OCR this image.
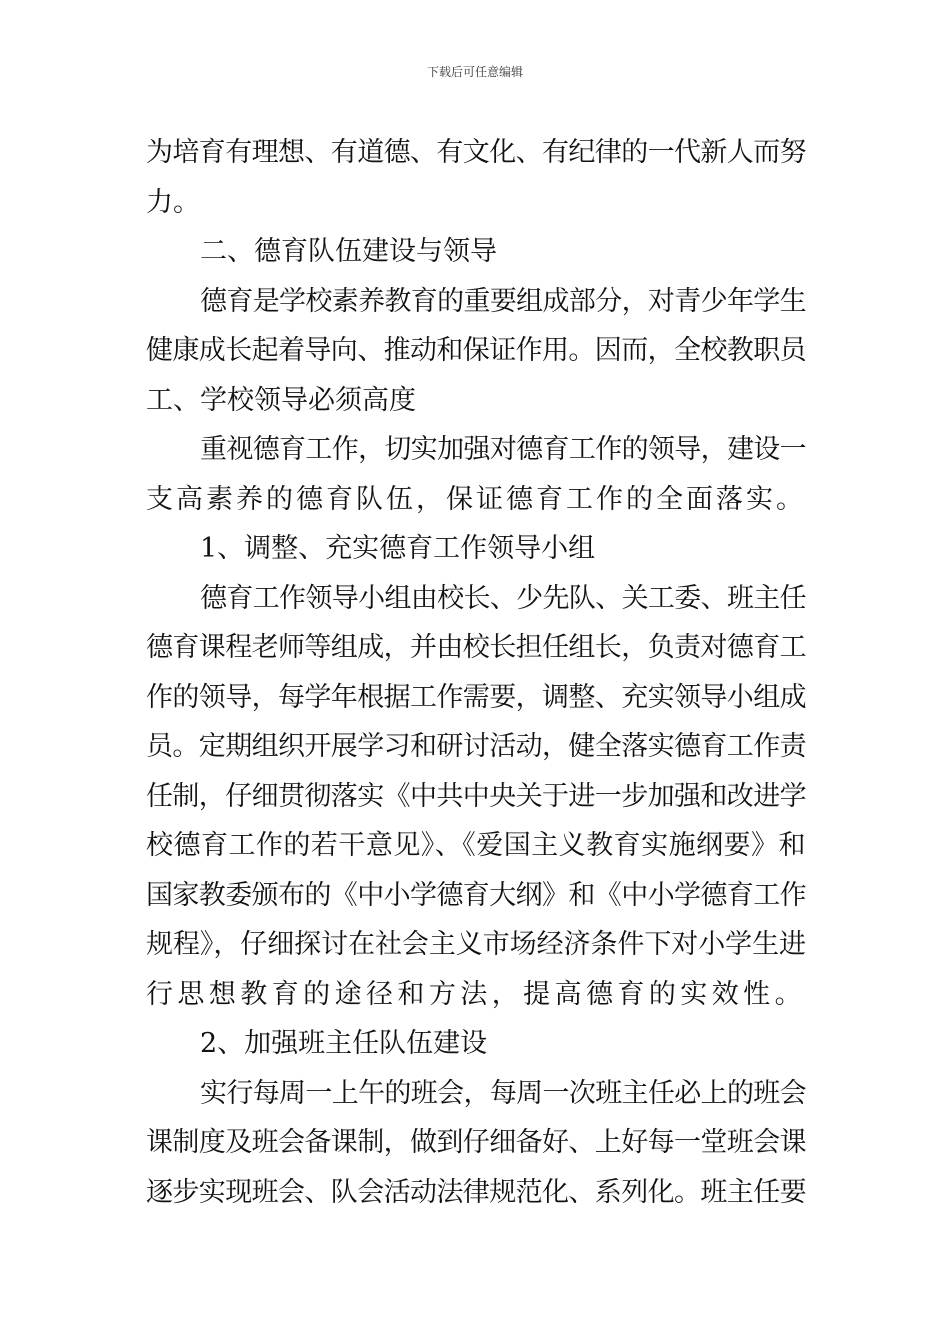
下载后可任意编辑
为培育有理想、有道德、有文化、有纪律的一代新人而努
力。
二、德育队伍建设与领导
德育是学校素养教育的重要组成部分，对青少年学生
健康成长起着导向、推动和保证作用。因而，全校教职员
工、学校领导必须高度
重视德育工作，切实加强对德育工作的领导，建设一
支高素养的德育队伍，保证德育工作的全面落实。
1、调整、充实德育工作领导小组
德育工作领导小组由校长、少先队、关工委、班主任
德育课程老师等组成，并由校长担任组长，负责对德育工
作的领导，每学年根据工作需要，调整、充实领导小组成
员。定期组织开展学习和研讨活动，健全落实德育工作责
任制，仔细贯彻落实《中共中央关于进一步加强和改进学
校德育工作的若干意见》、《爱国主义教育实施纲要》和
国家教委颁布的《中小学德育大纲》和《中小学德育工作
规程》，仔细探讨在社会主义市场经济条件下对小学生进
行思想教育的途径和方法，提高德育的实效性。
2、加强班主任队伍建设
实行每周一上午的班会，每周一次班主任必上的班会
课制度及班会备课制，做到仔细备好、上好每一堂班会课
逐步实现班会、队会活动法律规范化、系列化。班主任要
